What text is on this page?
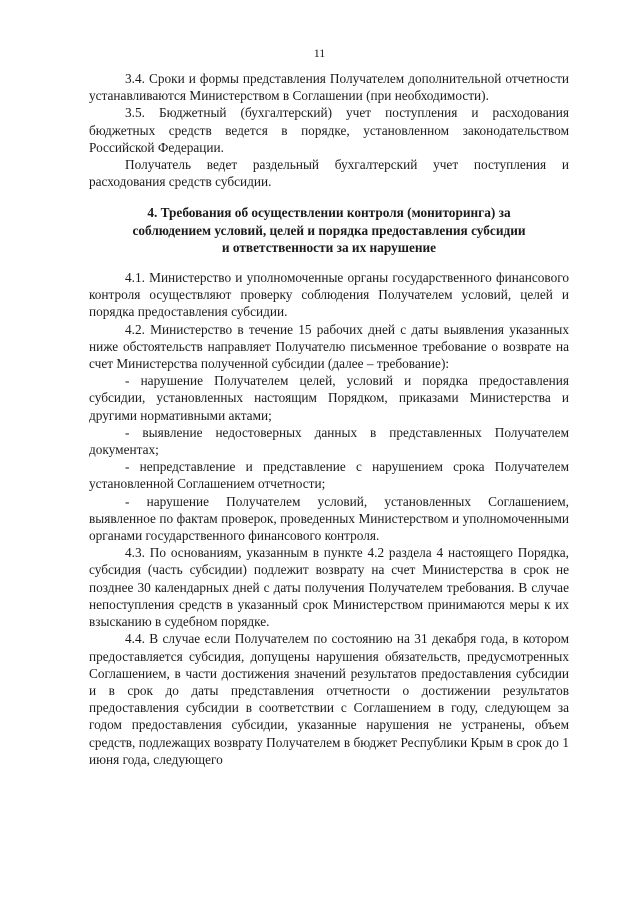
11

3.4. Сроки и формы представления Получателем дополнительной отчетности устанавливаются Министерством в Соглашении (при необходимости).

3.5. Бюджетный (бухгалтерский) учет поступления и расходования бюджетных средств ведется в порядке, установленном законодательством Российской Федерации.

Получатель ведет раздельный бухгалтерский учет поступления и расходования средств субсидии.

4. Требования об осуществлении контроля (мониторинга) за
соблюдением условий, целей и порядка предоставления субсидии
и ответственности за их нарушение

4.1. Министерство и уполномоченные органы государственного финансового контроля осуществляют проверку соблюдения Получателем условий, целей и порядка предоставления субсидии.

4.2. Министерство в течение 15 рабочих дней с даты выявления указанных ниже обстоятельств направляет Получателю письменное требование о возврате на счет Министерства полученной субсидии (далее – требование):

- нарушение Получателем целей, условий и порядка предоставления субсидии, установленных настоящим Порядком, приказами Министерства и другими нормативными актами;

- выявление недостоверных данных в представленных Получателем документах;

- непредставление и представление с нарушением срока Получателем установленной Соглашением отчетности;

- нарушение Получателем условий, установленных Соглашением, выявленное по фактам проверок, проведенных Министерством и уполномоченными органами государственного финансового контроля.

4.3. По основаниям, указанным в пункте 4.2 раздела 4 настоящего Порядка, субсидия (часть субсидии) подлежит возврату на счет Министерства в срок не позднее 30 календарных дней с даты получения Получателем требования. В случае непоступления средств в указанный срок Министерством принимаются меры к их взысканию в судебном порядке.

4.4. В случае если Получателем по состоянию на 31 декабря года, в котором предоставляется субсидия, допущены нарушения обязательств, предусмотренных Соглашением, в части достижения значений результатов предоставления субсидии и в срок до даты представления отчетности о достижении результатов предоставления субсидии в соответствии с Соглашением в году, следующем за годом предоставления субсидии, указанные нарушения не устранены, объем средств, подлежащих возврату Получателем в бюджет Республики Крым в срок до 1 июня года, следующего
